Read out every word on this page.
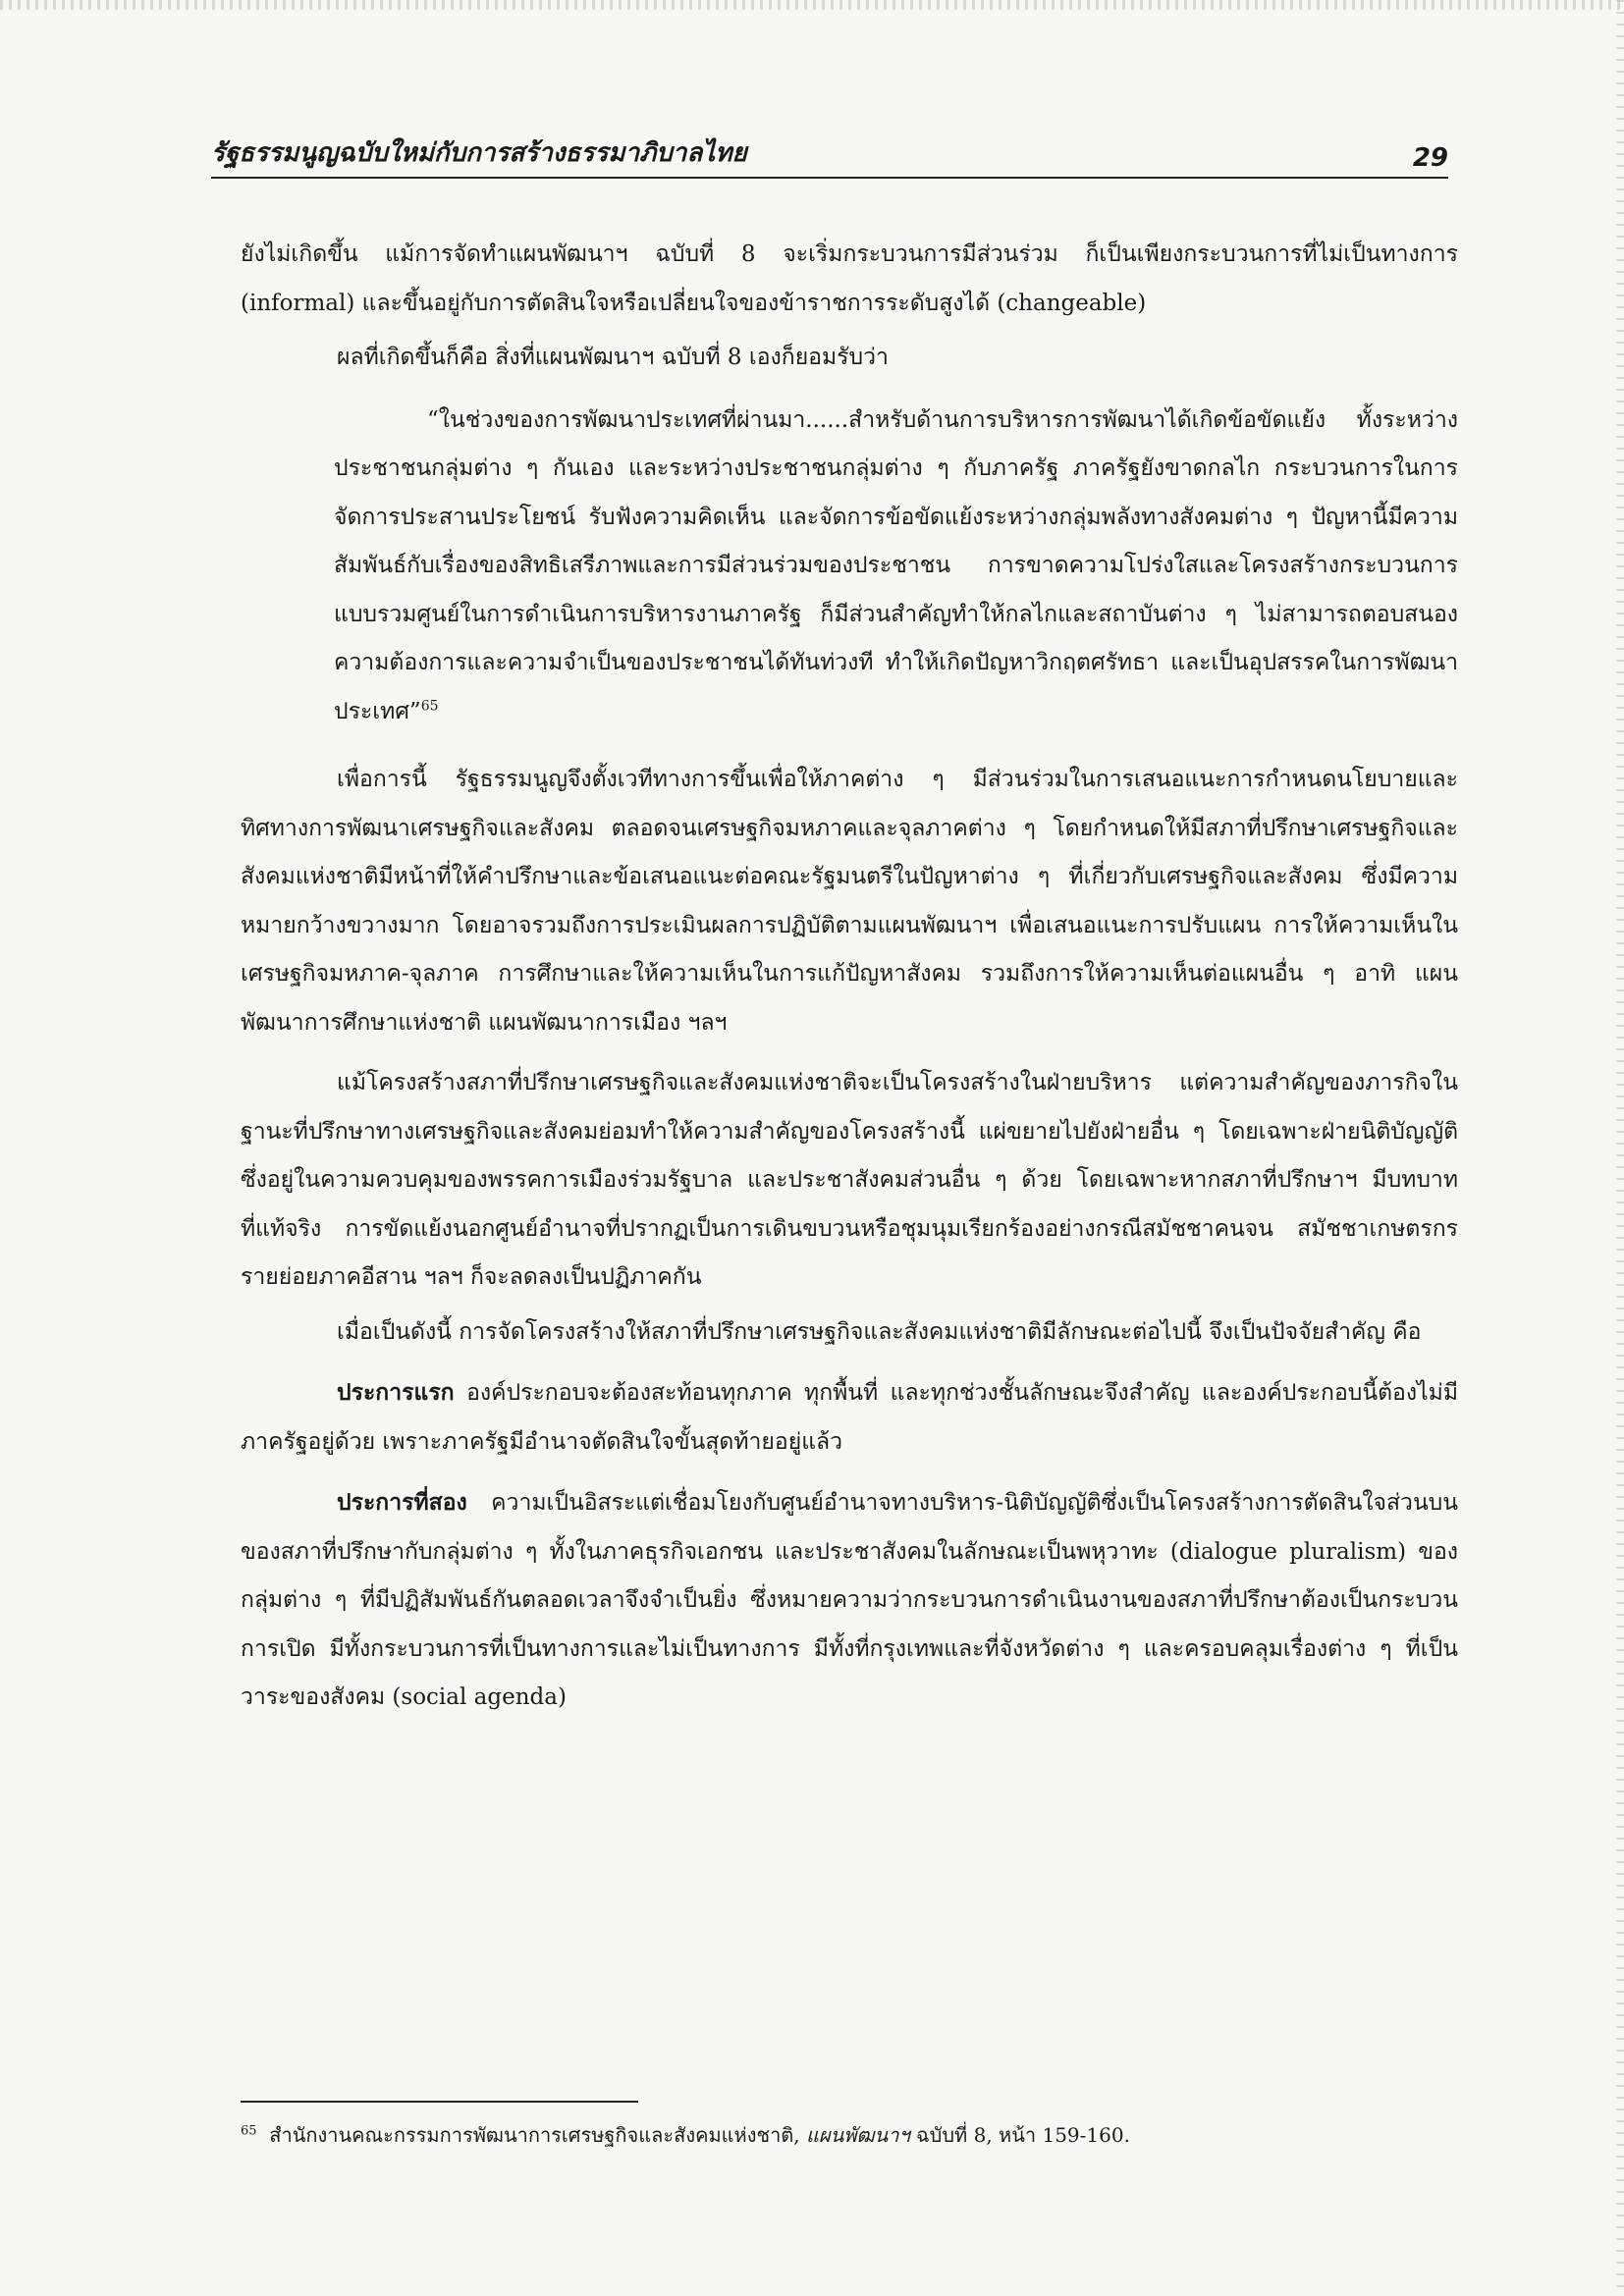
รัฐธรรมนูญฉบับใหม่กับการสร้างธรรมาภิบาลไทย	29

ยังไม่เกิดขึ้น แม้การจัดทำแผนพัฒนาฯ ฉบับที่ 8 จะเริ่มกระบวนการมีส่วนร่วม ก็เป็นเพียงกระบวนการที่ไม่เป็นทางการ (informal) และขึ้นอยู่กับการตัดสินใจหรือเปลี่ยนใจของข้าราชการระดับสูงได้ (changeable)

ผลที่เกิดขึ้นก็คือ สิ่งที่แผนพัฒนาฯ ฉบับที่ 8 เองก็ยอมรับว่า

“ในช่วงของการพัฒนาประเทศที่ผ่านมา......สำหรับด้านการบริหารการพัฒนาได้เกิดข้อขัดแย้ง ทั้งระหว่างประชาชนกลุ่มต่าง ๆ กันเอง และระหว่างประชาชนกลุ่มต่าง ๆ กับภาครัฐ ภาครัฐยังขาดกลไก กระบวนการในการจัดการประสานประโยชน์ รับฟังความคิดเห็น และจัดการข้อขัดแย้งระหว่างกลุ่มพลังทางสังคมต่าง ๆ ปัญหานี้มีความสัมพันธ์กับเรื่องของสิทธิเสรีภาพและการมีส่วนร่วมของประชาชน การขาดความโปร่งใสและโครงสร้างกระบวนการแบบรวมศูนย์ในการดำเนินการบริหารงานภาครัฐ ก็มีส่วนสำคัญทำให้กลไกและสถาบันต่าง ๆ ไม่สามารถตอบสนองความต้องการและความจำเป็นของประชาชนได้ทันท่วงที ทำให้เกิดปัญหาวิกฤตศรัทธา และเป็นอุปสรรคในการพัฒนาประเทศ”$^{65}$

เพื่อการนี้ รัฐธรรมนูญจึงตั้งเวทีทางการขึ้นเพื่อให้ภาคต่าง ๆ มีส่วนร่วมในการเสนอแนะการกำหนดนโยบายและทิศทางการพัฒนาเศรษฐกิจและสังคม ตลอดจนเศรษฐกิจมหภาคและจุลภาคต่าง ๆ โดยกำหนดให้มีสภาที่ปรึกษาเศรษฐกิจและสังคมแห่งชาติมีหน้าที่ให้คำปรึกษาและข้อเสนอแนะต่อคณะรัฐมนตรีในปัญหาต่าง ๆ ที่เกี่ยวกับเศรษฐกิจและสังคม ซึ่งมีความหมายกว้างขวางมาก โดยอาจรวมถึงการประเมินผลการปฏิบัติตามแผนพัฒนาฯ เพื่อเสนอแนะการปรับแผน การให้ความเห็นในเศรษฐกิจมหภาค-จุลภาค การศึกษาและให้ความเห็นในการแก้ปัญหาสังคม รวมถึงการให้ความเห็นต่อแผนอื่น ๆ อาทิ แผนพัฒนาการศึกษาแห่งชาติ แผนพัฒนาการเมือง ฯลฯ

แม้โครงสร้างสภาที่ปรึกษาเศรษฐกิจและสังคมแห่งชาติจะเป็นโครงสร้างในฝ่ายบริหาร แต่ความสำคัญของภารกิจในฐานะที่ปรึกษาทางเศรษฐกิจและสังคมย่อมทำให้ความสำคัญของโครงสร้างนี้ แผ่ขยายไปยังฝ่ายอื่น ๆ โดยเฉพาะฝ่ายนิติบัญญัติซึ่งอยู่ในความควบคุมของพรรคการเมืองร่วมรัฐบาล และประชาสังคมส่วนอื่น ๆ ด้วย โดยเฉพาะหากสภาที่ปรึกษาฯ มีบทบาทที่แท้จริง การขัดแย้งนอกศูนย์อำนาจที่ปรากฏเป็นการเดินขบวนหรือชุมนุมเรียกร้องอย่างกรณีสมัชชาคนจน สมัชชาเกษตรกรรายย่อยภาคอีสาน ฯลฯ ก็จะลดลงเป็นปฏิภาคกัน

เมื่อเป็นดังนี้ การจัดโครงสร้างให้สภาที่ปรึกษาเศรษฐกิจและสังคมแห่งชาติมีลักษณะต่อไปนี้ จึงเป็นปัจจัยสำคัญ คือ

ประการแรก องค์ประกอบจะต้องสะท้อนทุกภาค ทุกพื้นที่ และทุกช่วงชั้นลักษณะจึงสำคัญ และองค์ประกอบนี้ต้องไม่มีภาครัฐอยู่ด้วย เพราะภาครัฐมีอำนาจตัดสินใจขั้นสุดท้ายอยู่แล้ว

ประการที่สอง ความเป็นอิสระแต่เชื่อมโยงกับศูนย์อำนาจทางบริหาร-นิติบัญญัติซึ่งเป็นโครงสร้างการตัดสินใจส่วนบนของสภาที่ปรึกษากับกลุ่มต่าง ๆ ทั้งในภาคธุรกิจเอกชน และประชาสังคมในลักษณะเป็นพหุวาทะ (dialogue pluralism) ของกลุ่มต่าง ๆ ที่มีปฏิสัมพันธ์กันตลอดเวลาจึงจำเป็นยิ่ง ซึ่งหมายความว่ากระบวนการดำเนินงานของสภาที่ปรึกษาต้องเป็นกระบวนการเปิด มีทั้งกระบวนการที่เป็นทางการและไม่เป็นทางการ มีทั้งที่กรุงเทพและที่จังหวัดต่าง ๆ และครอบคลุมเรื่องต่าง ๆ ที่เป็นวาระของสังคม (social agenda)

$^{65}$ สำนักงานคณะกรรมการพัฒนาการเศรษฐกิจและสังคมแห่งชาติ, แผนพัฒนาฯ ฉบับที่ 8, หน้า 159-160.
